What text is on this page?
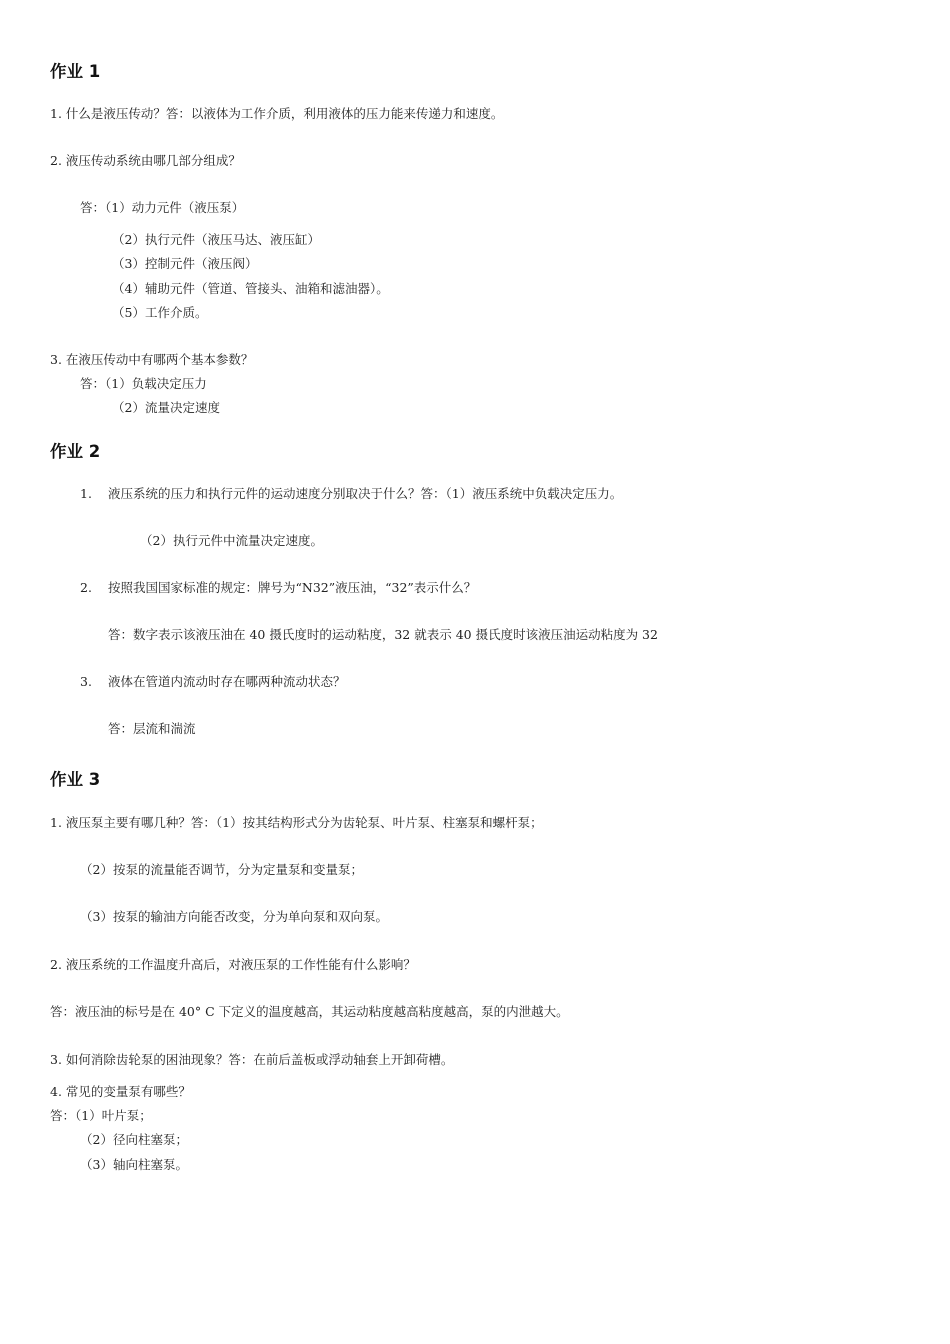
作业 1
1. 什么是液压传动？答：以液体为工作介质，利用液体的压力能来传递力和速度。
2. 液压传动系统由哪几部分组成？
答：（1）动力元件（液压泵）
（2）执行元件（液压马达、液压缸）
（3）控制元件（液压阀）
（4）辅助元件（管道、管接头、油箱和滤油器）。
（5）工作介质。
3. 在液压传动中有哪两个基本参数？
答：（1）负载决定压力
（2）流量决定速度
作业 2
1. 液压系统的压力和执行元件的运动速度分别取决于什么？答：（1）液压系统中负载决定压力。
（2）执行元件中流量决定速度。
2. 按照我国国家标准的规定：牌号为“N32”液压油，“32”表示什么？
答：数字表示该液压油在 40 摄氏度时的运动粘度，32 就表示 40 摄氏度时该液压油运动粘度为 32
3. 液体在管道内流动时存在哪两种流动状态？
答：层流和湍流
作业 3
1. 液压泵主要有哪几种？答：（1）按其结构形式分为齿轮泵、叶片泵、柱塞泵和螺杆泵；
（2）按泵的流量能否调节，分为定量泵和变量泵；
（3）按泵的输油方向能否改变，分为单向泵和双向泵。
2. 液压系统的工作温度升高后，对液压泵的工作性能有什么影响？
答：液压油的标号是在 40° C 下定义的温度越高，其运动粘度越高粘度越高，泵的内泄越大。
3. 如何消除齿轮泵的困油现象？答：在前后盖板或浮动轴套上开卸荷槽。
4. 常见的变量泵有哪些？
答：（1）叶片泵；
（2）径向柱塞泵；
（3）轴向柱塞泵。
